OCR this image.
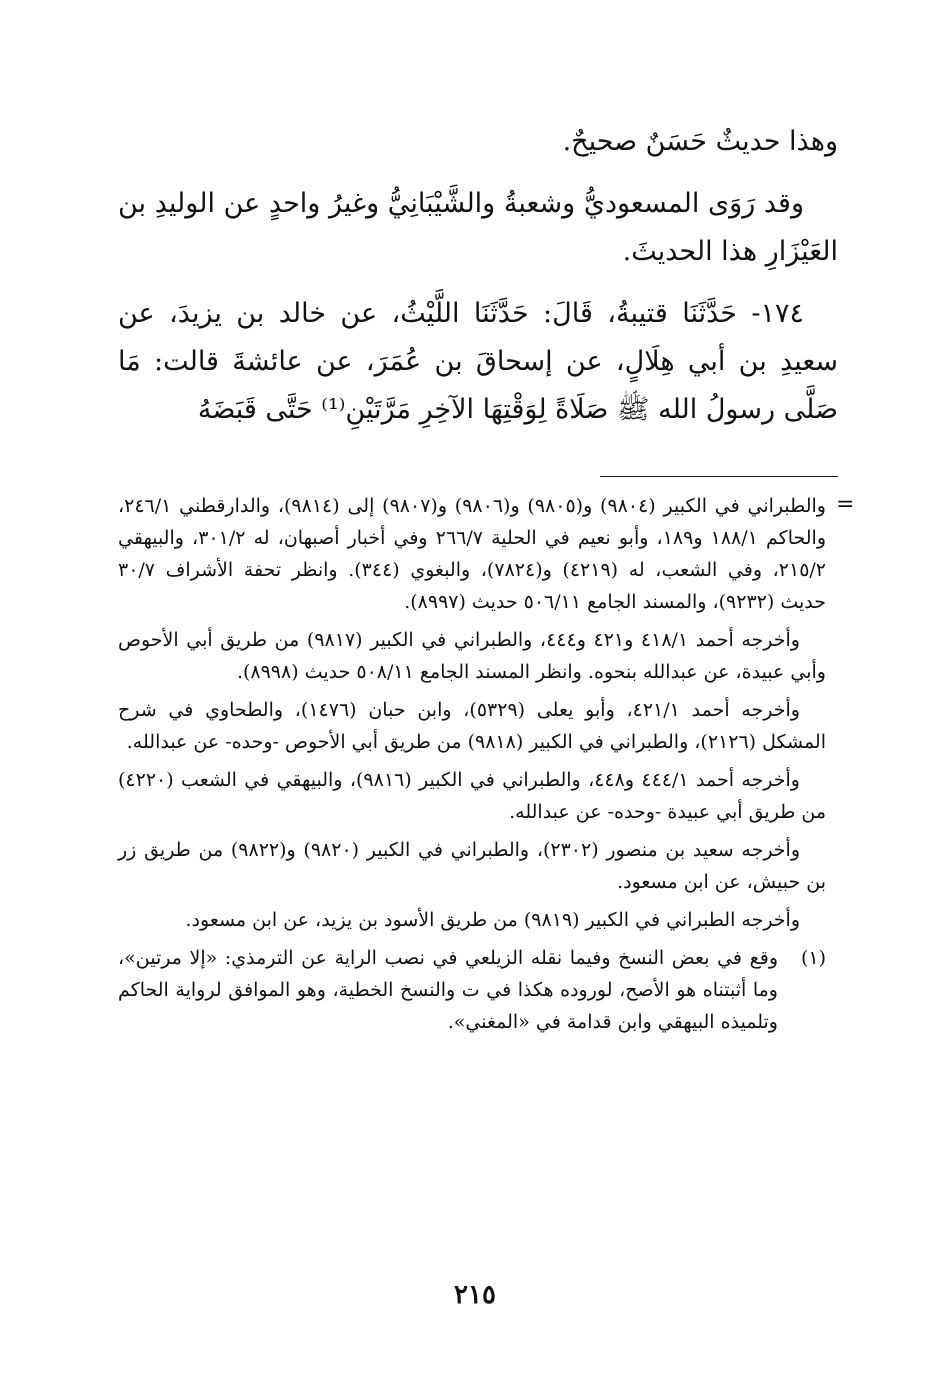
وهذا حديثٌ حَسَنٌ صحيحٌ.

وقد رَوَى المسعوديُّ وشعبةُ والشَّيْبَانِيُّ وغيرُ واحدٍ عن الوليدِ بن العَيْزَارِ هذا الحديثَ.

١٧٤- حَدَّثَنَا قتيبةُ، قَالَ: حَدَّثَنَا اللَّيْثُ، عن خالد بن يزيدَ، عن سعيدِ بن أبي هِلَالٍ، عن إسحاقَ بن عُمَرَ، عن عائشةَ قالت: مَا صَلَّى رسولُ الله ﷺ صَلَاةً لِوَقْتِهَا الآخِرِ مَرَّتَيْنِ⁽¹⁾ حَتَّى قَبَضَهُ

=

والطبراني في الكبير (٩٨٠٤) و(٩٨٠٥) و(٩٨٠٦) و(٩٨٠٧) إلى (٩٨١٤)، والدارقطني ٢٤٦/١، والحاكم ١٨٨/١ و١٨٩، وأبو نعيم في الحلية ٢٦٦/٧ وفي أخبار أصبهان، له ٣٠١/٢، والبيهقي ٢١٥/٢، وفي الشعب، له (٤٢١٩) و(٧٨٢٤)، والبغوي (٣٤٤). وانظر تحفة الأشراف ٣٠/٧ حديث (٩٢٣٢)، والمسند الجامع ٥٠٦/١١ حديث (٨٩٩٧).

وأخرجه أحمد ٤١٨/١ و٤٢١ و٤٤٤، والطبراني في الكبير (٩٨١٧) من طريق أبي الأحوص وأبي عبيدة، عن عبدالله بنحوه. وانظر المسند الجامع ٥٠٨/١١ حديث (٨٩٩٨).

وأخرجه أحمد ٤٢١/١، وأبو يعلى (٥٣٢٩)، وابن حبان (١٤٧٦)، والطحاوي في شرح المشكل (٢١٢٦)، والطبراني في الكبير (٩٨١٨) من طريق أبي الأحوص -وحده- عن عبدالله.

وأخرجه أحمد ٤٤٤/١ و٤٤٨، والطبراني في الكبير (٩٨١٦)، والبيهقي في الشعب (٤٢٢٠) من طريق أبي عبيدة -وحده- عن عبدالله.

وأخرجه سعيد بن منصور (٢٣٠٢)، والطبراني في الكبير (٩٨٢٠) و(٩٨٢٢) من طريق زر بن حبيش، عن ابن مسعود.

وأخرجه الطبراني في الكبير (٩٨١٩) من طريق الأسود بن يزيد، عن ابن مسعود.

(١)
وقع في بعض النسخ وفيما نقله الزيلعي في نصب الراية عن الترمذي: «إلا مرتين»، وما أثبتناه هو الأصح، لوروده هكذا في ت والنسخ الخطية، وهو الموافق لرواية الحاكم وتلميذه البيهقي وابن قدامة في «المغني».

٢١٥
